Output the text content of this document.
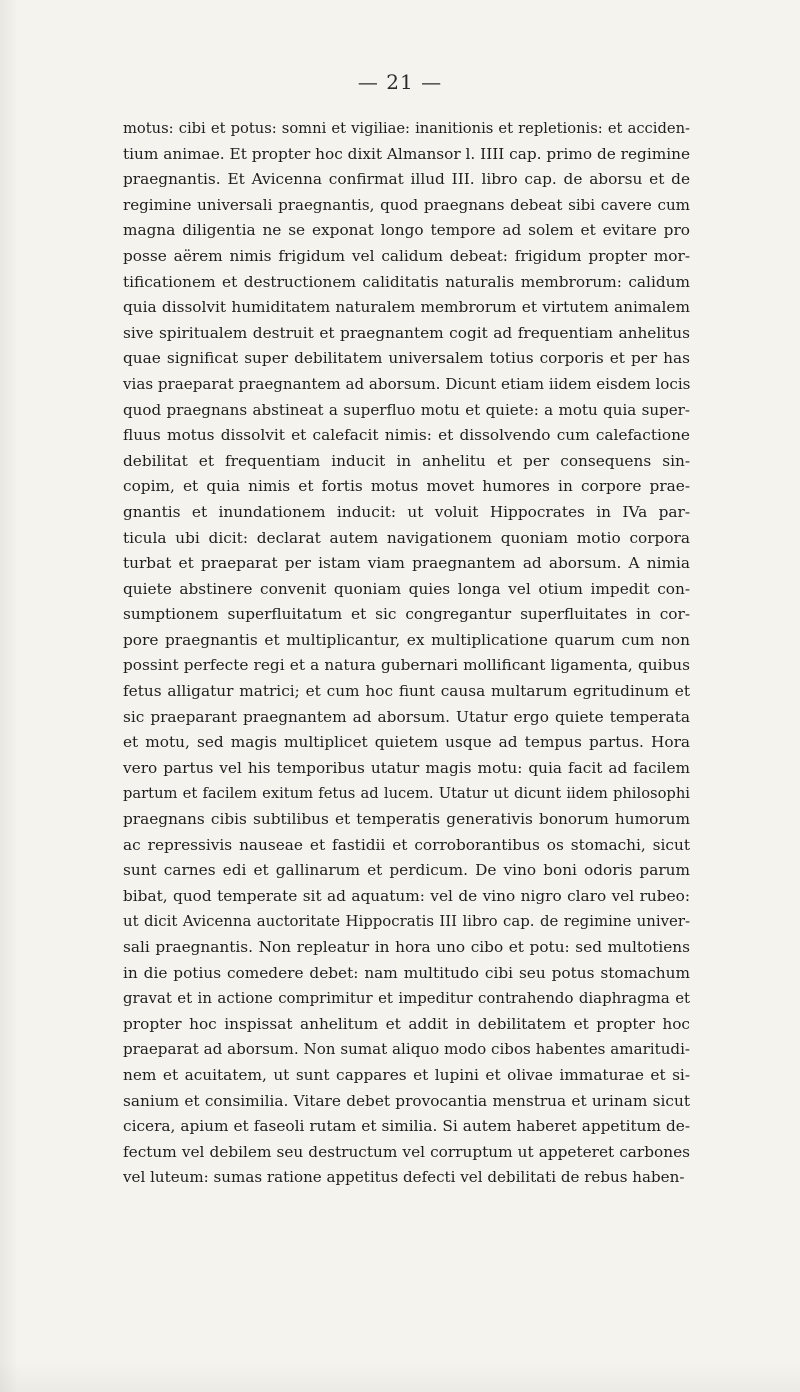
— 21 —
motus: cibi et potus: somni et vigiliae: inanitionis et repletionis: et acciden-
tium animae. Et propter hoc dixit Almansor l. IIII cap. primo de regimine
praegnantis. Et Avicenna confirmat illud III. libro cap. de aborsu et de
regimine universali praegnantis, quod praegnans debeat sibi cavere cum
magna diligentia ne se exponat longo tempore ad solem et evitare pro
posse aërem nimis frigidum vel calidum debeat: frigidum propter mor-
tificationem et destructionem caliditatis naturalis membrorum: calidum
quia dissolvit humiditatem naturalem membrorum et virtutem animalem
sive spiritualem destruit et praegnantem cogit ad frequentiam anhelitus
quae significat super debilitatem universalem totius corporis et per has
vias praeparat praegnantem ad aborsum. Dicunt etiam iidem eisdem locis
quod praegnans abstineat a superfluo motu et quiete: a motu quia super-
fluus motus dissolvit et calefacit nimis: et dissolvendo cum calefactione
debilitat et frequentiam inducit in anhelitu et per consequens sin-
copim, et quia nimis et fortis motus movet humores in corpore prae-
gnantis et inundationem inducit: ut voluit Hippocrates in IVa par-
ticula ubi dicit: declarat autem navigationem quoniam motio corpora
turbat et praeparat per istam viam praegnantem ad aborsum. A nimia
quiete abstinere convenit quoniam quies longa vel otium impedit con-
sumptionem superfluitatum et sic congregantur superfluitates in cor-
pore praegnantis et multiplicantur, ex multiplicatione quarum cum non
possint perfecte regi et a natura gubernari mollificant ligamenta, quibus
fetus alligatur matrici; et cum hoc fiunt causa multarum egritudinum et
sic praeparant praegnantem ad aborsum. Utatur ergo quiete temperata
et motu, sed magis multiplicet quietem usque ad tempus partus. Hora
vero partus vel his temporibus utatur magis motu: quia facit ad facilem
partum et facilem exitum fetus ad lucem. Utatur ut dicunt iidem philosophi
praegnans cibis subtilibus et temperatis generativis bonorum humorum
ac repressivis nauseae et fastidii et corroborantibus os stomachi, sicut
sunt carnes edi et gallinarum et perdicum. De vino boni odoris parum
bibat, quod temperate sit ad aquatum: vel de vino nigro claro vel rubeo:
ut dicit Avicenna auctoritate Hippocratis III libro cap. de regimine univer-
sali praegnantis. Non repleatur in hora uno cibo et potu: sed multotiens
in die potius comedere debet: nam multitudo cibi seu potus stomachum
gravat et in actione comprimitur et impeditur contrahendo diaphragma et
propter hoc inspissat anhelitum et addit in debilitatem et propter hoc
praeparat ad aborsum. Non sumat aliquo modo cibos habentes amaritudi-
nem et acuitatem, ut sunt cappares et lupini et olivae immaturae et si-
sanium et consimilia. Vitare debet provocantia menstrua et urinam sicut
cicera, apium et faseoli rutam et similia. Si autem haberet appetitum de-
fectum vel debilem seu destructum vel corruptum ut appeteret carbones
vel luteum: sumas ratione appetitus defecti vel debilitati de rebus haben-
